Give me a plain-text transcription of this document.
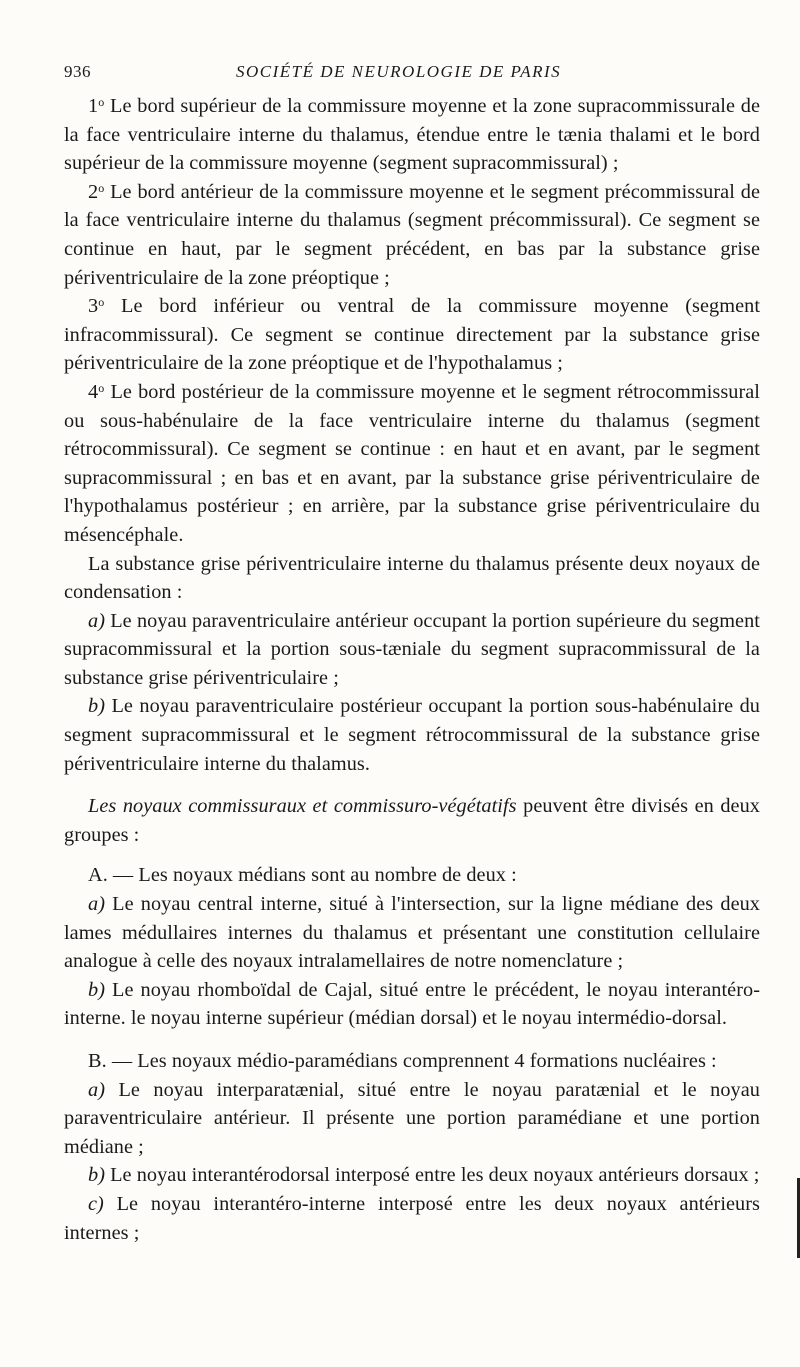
936	SOCIÉTÉ DE NEUROLOGIE DE PARIS

1$^o$ Le bord supérieur de la commissure moyenne et la zone supracommissurale de la face ventriculaire interne du thalamus, étendue entre le tænia thalami et le bord supérieur de la commissure moyenne (segment supracommissural) ;

2$^o$ Le bord antérieur de la commissure moyenne et le segment précommissural de la face ventriculaire interne du thalamus (segment précommissural). Ce segment se continue en haut, par le segment précédent, en bas par la substance grise périventriculaire de la zone préoptique ;

3$^o$ Le bord inférieur ou ventral de la commissure moyenne (segment infracommissural). Ce segment se continue directement par la substance grise périventriculaire de la zone préoptique et de l'hypothalamus ;

4$^o$ Le bord postérieur de la commissure moyenne et le segment rétrocommissural ou sous-habénulaire de la face ventriculaire interne du thalamus (segment rétrocommissural). Ce segment se continue : en haut et en avant, par le segment supracommissural ; en bas et en avant, par la substance grise périventriculaire de l'hypothalamus postérieur ; en arrière, par la substance grise périventriculaire du mésencéphale.

La substance grise périventriculaire interne du thalamus présente deux noyaux de condensation :

a) Le noyau paraventriculaire antérieur occupant la portion supérieure du segment supracommissural et la portion sous-tæniale du segment supracommissural de la substance grise périventriculaire ;

b) Le noyau paraventriculaire postérieur occupant la portion sous-habénulaire du segment supracommissural et le segment rétrocommissural de la substance grise périventriculaire interne du thalamus.

Les noyaux commissuraux et commissuro-végétatifs peuvent être divisés en deux groupes :

A. — Les noyaux médians sont au nombre de deux :

a) Le noyau central interne, situé à l'intersection, sur la ligne médiane des deux lames médullaires internes du thalamus et présentant une constitution cellulaire analogue à celle des noyaux intralamellaires de notre nomenclature ;

b) Le noyau rhomboïdal de Cajal, situé entre le précédent, le noyau interantéro-interne. le noyau interne supérieur (médian dorsal) et le noyau intermédio-dorsal.

B. — Les noyaux médio-paramédians comprennent 4 formations nucléaires :

a) Le noyau interparatænial, situé entre le noyau paratænial et le noyau paraventriculaire antérieur. Il présente une portion paramédiane et une portion médiane ;

b) Le noyau interantérodorsal interposé entre les deux noyaux antérieurs dorsaux ;

c) Le noyau interantéro-interne interposé entre les deux noyaux antérieurs internes ;
